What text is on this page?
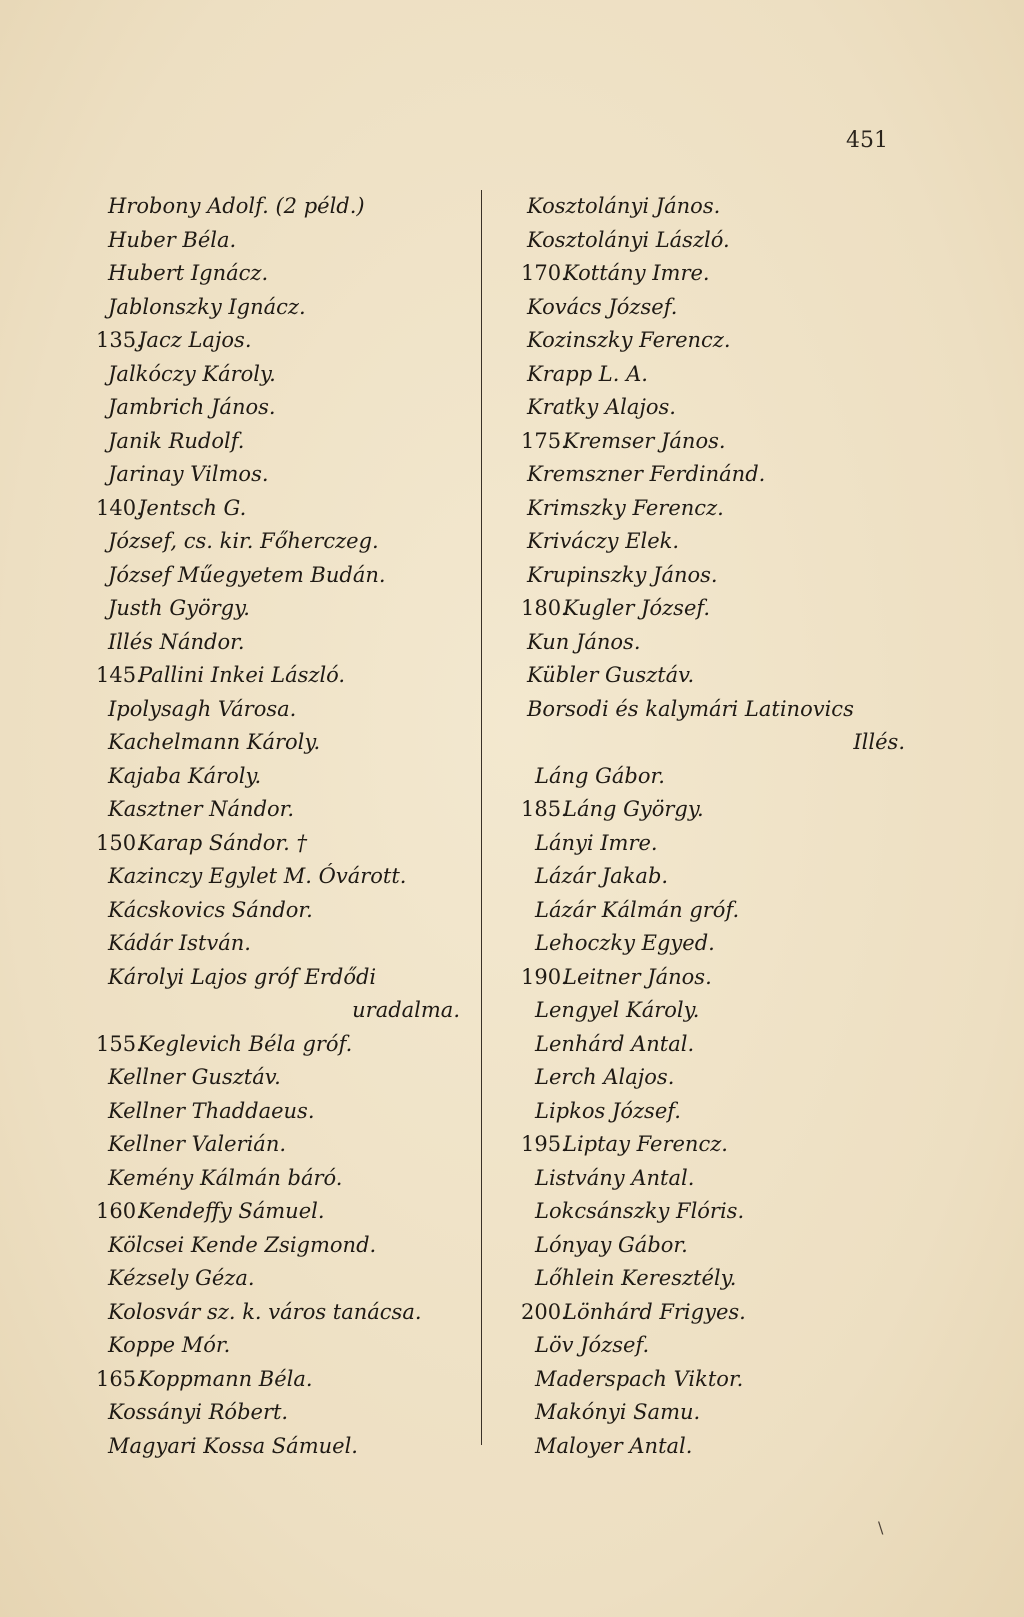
451
Hrobony Adolf. (2 péld.)
Huber Béla.
Hubert Ignácz.
Jablonszky Ignácz.
135.Jacz Lajos.
Jalkóczy Károly.
Jambrich János.
Janik Rudolf.
Jarinay Vilmos.
140.Jentsch G.
József, cs. kir. Főherczeg.
József Műegyetem Budán.
Justh György.
Illés Nándor.
145.Pallini Inkei László.
Ipolysagh Városa.
Kachelmann Károly.
Kajaba Károly.
Kasztner Nándor.
150.Karap Sándor. †
Kazinczy Egylet M. Óvárott.
Kácskovics Sándor.
Kádár István.
Károlyi Lajos gróf Erdődi
uradalma.
155.Keglevich Béla gróf.
Kellner Gusztáv.
Kellner Thaddaeus.
Kellner Valerián.
Kemény Kálmán báró.
160.Kendeffy Sámuel.
Kölcsei Kende Zsigmond.
Kézsely Géza.
Kolosvár sz. k. város tanácsa.
Koppe Mór.
165.Koppmann Béla.
Kossányi Róbert.
Magyari Kossa Sámuel.
Kosztolányi János.
Kosztolányi László.
170.Kottány Imre.
Kovács József.
Kozinszky Ferencz.
Krapp L. A.
Kratky Alajos.
175.Kremser János.
Kremszner Ferdinánd.
Krimszky Ferencz.
Kriváczy Elek.
Krupinszky János.
180.Kugler József.
Kun János.
Kübler Gusztáv.
Borsodi és kalymári Latinovics
Illés.
Láng Gábor.
185.Láng György.
Lányi Imre.
Lázár Jakab.
Lázár Kálmán gróf.
Lehoczky Egyed.
190.Leitner János.
Lengyel Károly.
Lenhárd Antal.
Lerch Alajos.
Lipkos József.
195.Liptay Ferencz.
Listvány Antal.
Lokcsánszky Flóris.
Lónyay Gábor.
Lőhlein Keresztély.
200.Lönhárd Frigyes.
Löv József.
Maderspach Viktor.
Makónyi Samu.
Maloyer Antal.
\
